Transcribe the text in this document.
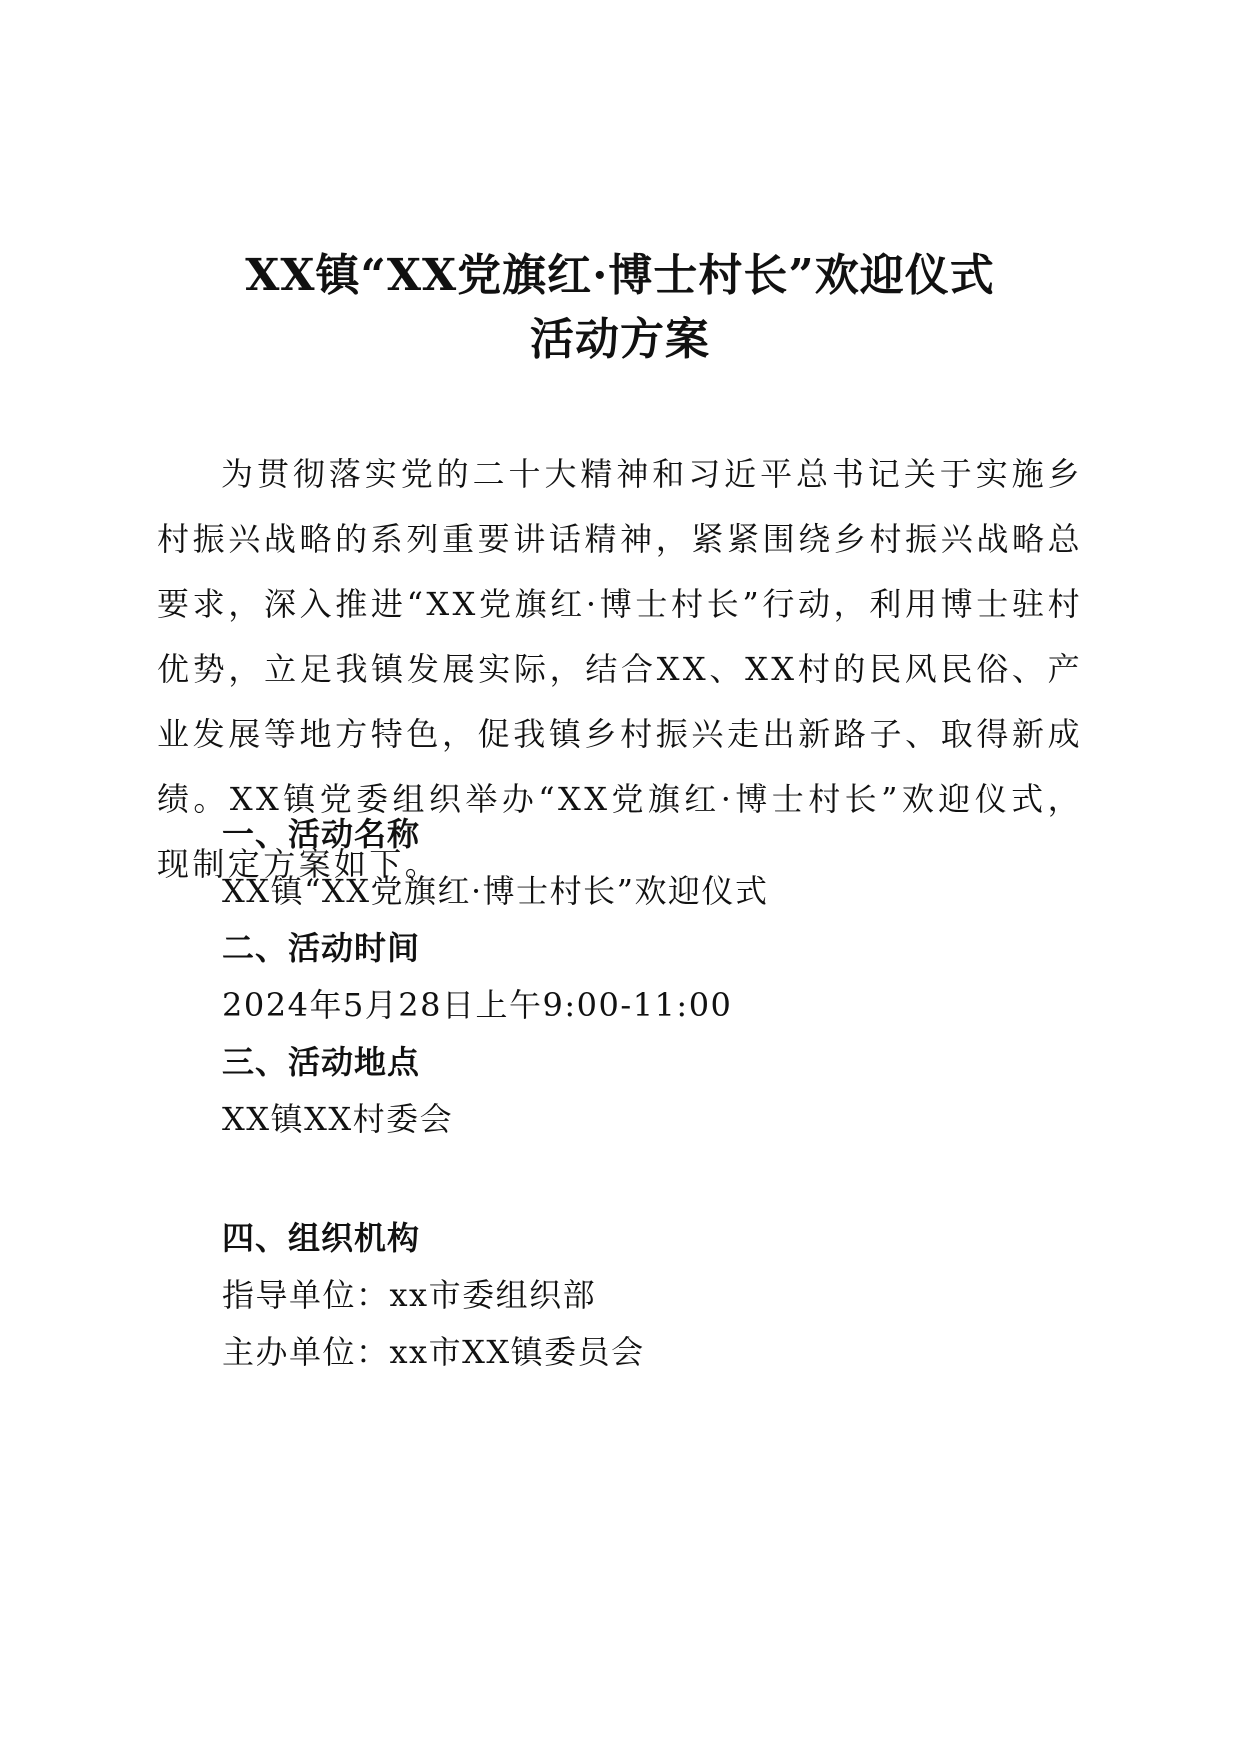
XX镇“XX党旗红·博士村长”欢迎仪式
活动方案

为贯彻落实党的二十大精神和习近平总书记关于实施乡村振兴战略的系列重要讲话精神，紧紧围绕乡村振兴战略总要求，深入推进“XX党旗红·博士村长”行动，利用博士驻村优势，立足我镇发展实际，结合XX、XX村的民风民俗、产业发展等地方特色，促我镇乡村振兴走出新路子、取得新成绩。XX镇党委组织举办“XX党旗红·博士村长”欢迎仪式，现制定方案如下。

一、活动名称
XX镇“XX党旗红·博士村长”欢迎仪式
二、活动时间
2024年5月28日上午9:00-11:00
三、活动地点
XX镇XX村委会
四、组织机构
指导单位：xx市委组织部
主办单位：xx市XX镇委员会
